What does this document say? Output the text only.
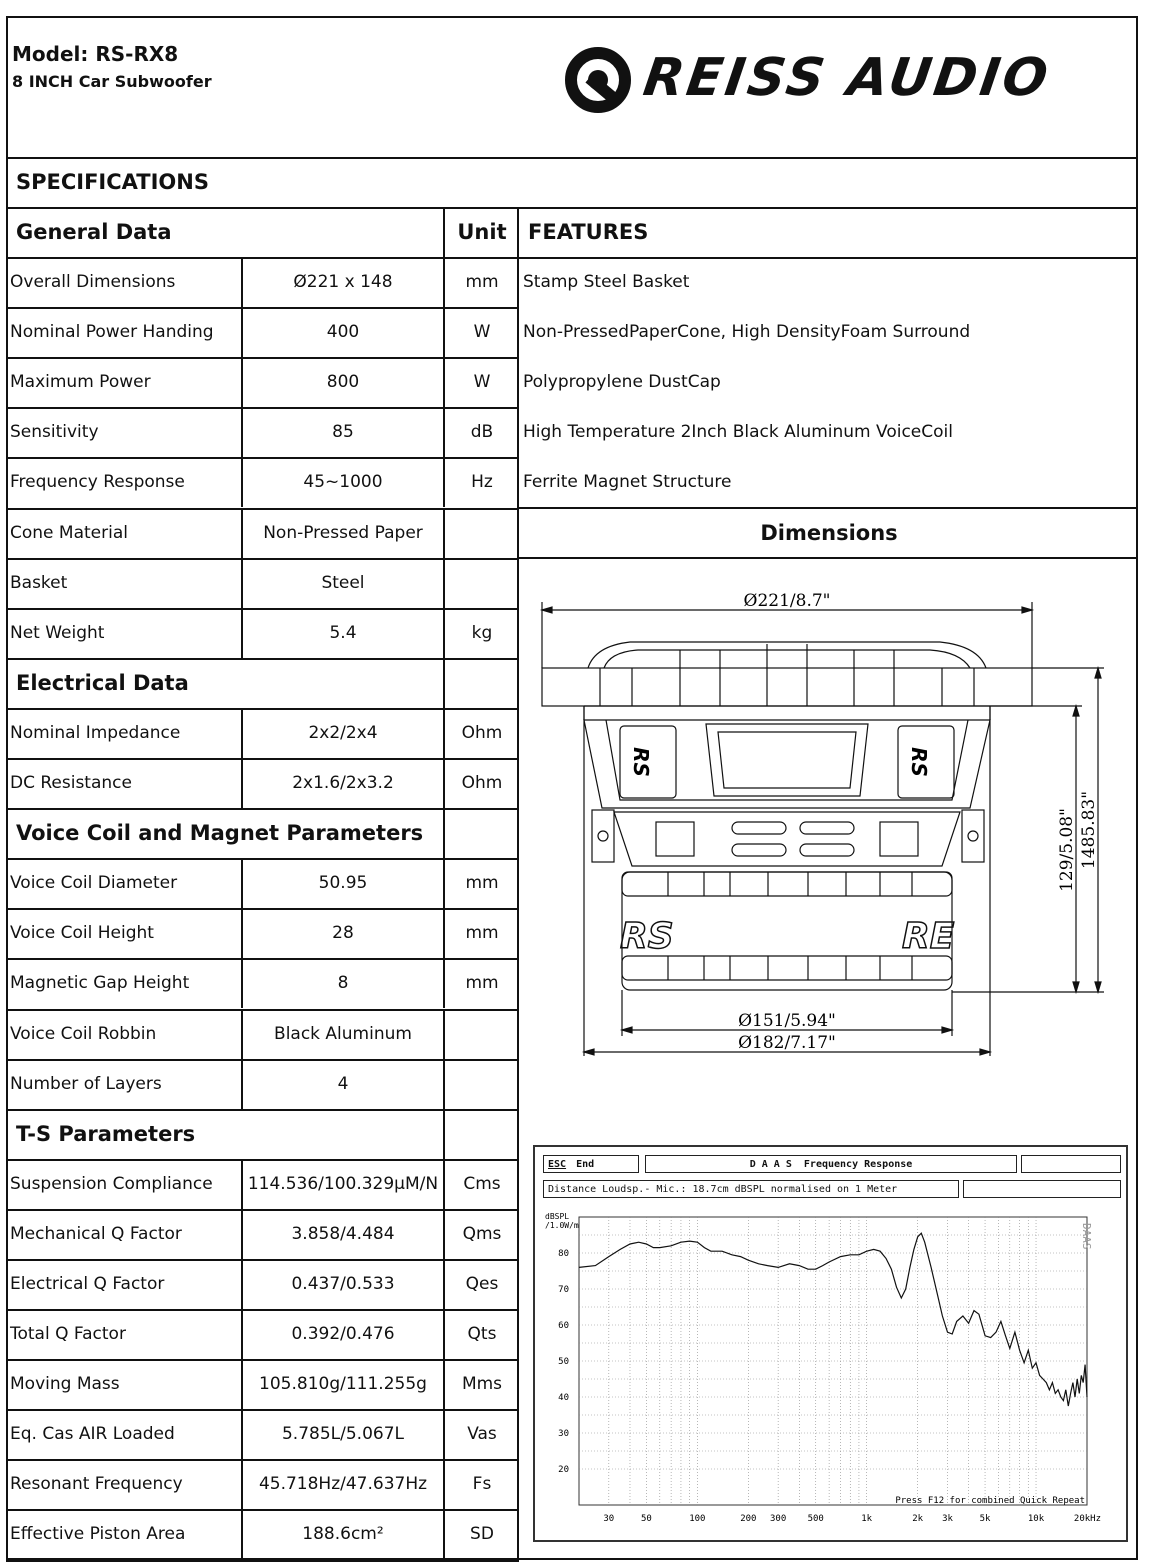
Model: RS-RX8
8 INCH Car Subwoofer	REISS AUDIO
SPECIFICATIONS
General Data	Unit	FEATURES
Overall Dimensions	Ø221 x 148	mm
Nominal Power Handing	400	W
Maximum Power	800	W
Sensitivity	85	dB
Frequency Response	45~1000	Hz
Cone Material	Non-Pressed Paper
Basket	Steel
Net Weight	5.4	kg
Electrical Data
Nominal Impedance	2x2/2x4	Ohm
DC Resistance	2x1.6/2x3.2	Ohm
Voice Coil and Magnet Parameters
Voice Coil Diameter	50.95	mm
Voice Coil Height	28	mm
Magnetic Gap Height	8	mm
Voice Coil Robbin	Black Aluminum
Number of Layers	4
T-S Parameters
Suspension Compliance	114.536/100.329μM/N	Cms
Mechanical Q Factor	3.858/4.484	Qms
Electrical Q Factor	0.437/0.533	Qes
Total Q Factor	0.392/0.476	Qts
Moving Mass	105.810g/111.255g	Mms
Eq. Cas AIR Loaded	5.785L/5.067L	Vas
Resonant Frequency	45.718Hz/47.637Hz	Fs
Effective Piston Area	188.6cm²	SD
Stamp Steel Basket
Non-PressedPaperCone, High DensityFoam Surround
Polypropylene DustCap
High Temperature 2Inch Black Aluminum VoiceCoil
Ferrite Magnet Structure
Dimensions
Ø221/8.7"
Ø151/5.94"
Ø182/7.17"
129/5.08" 1485.83"
RS	RS
RS	RE
ESC End	D A A S  Frequency Response
Distance Loudsp.- Mic.: 18.7cm dBSPL normalised on 1 Meter
20
30
40
50
60
70
80
30	50	100	200 300 500	1k	2k 3k	5k	10k	20kHz
dBSPL
/1.0W/m	DAAS
Press F12 for combined Quick Repeat
